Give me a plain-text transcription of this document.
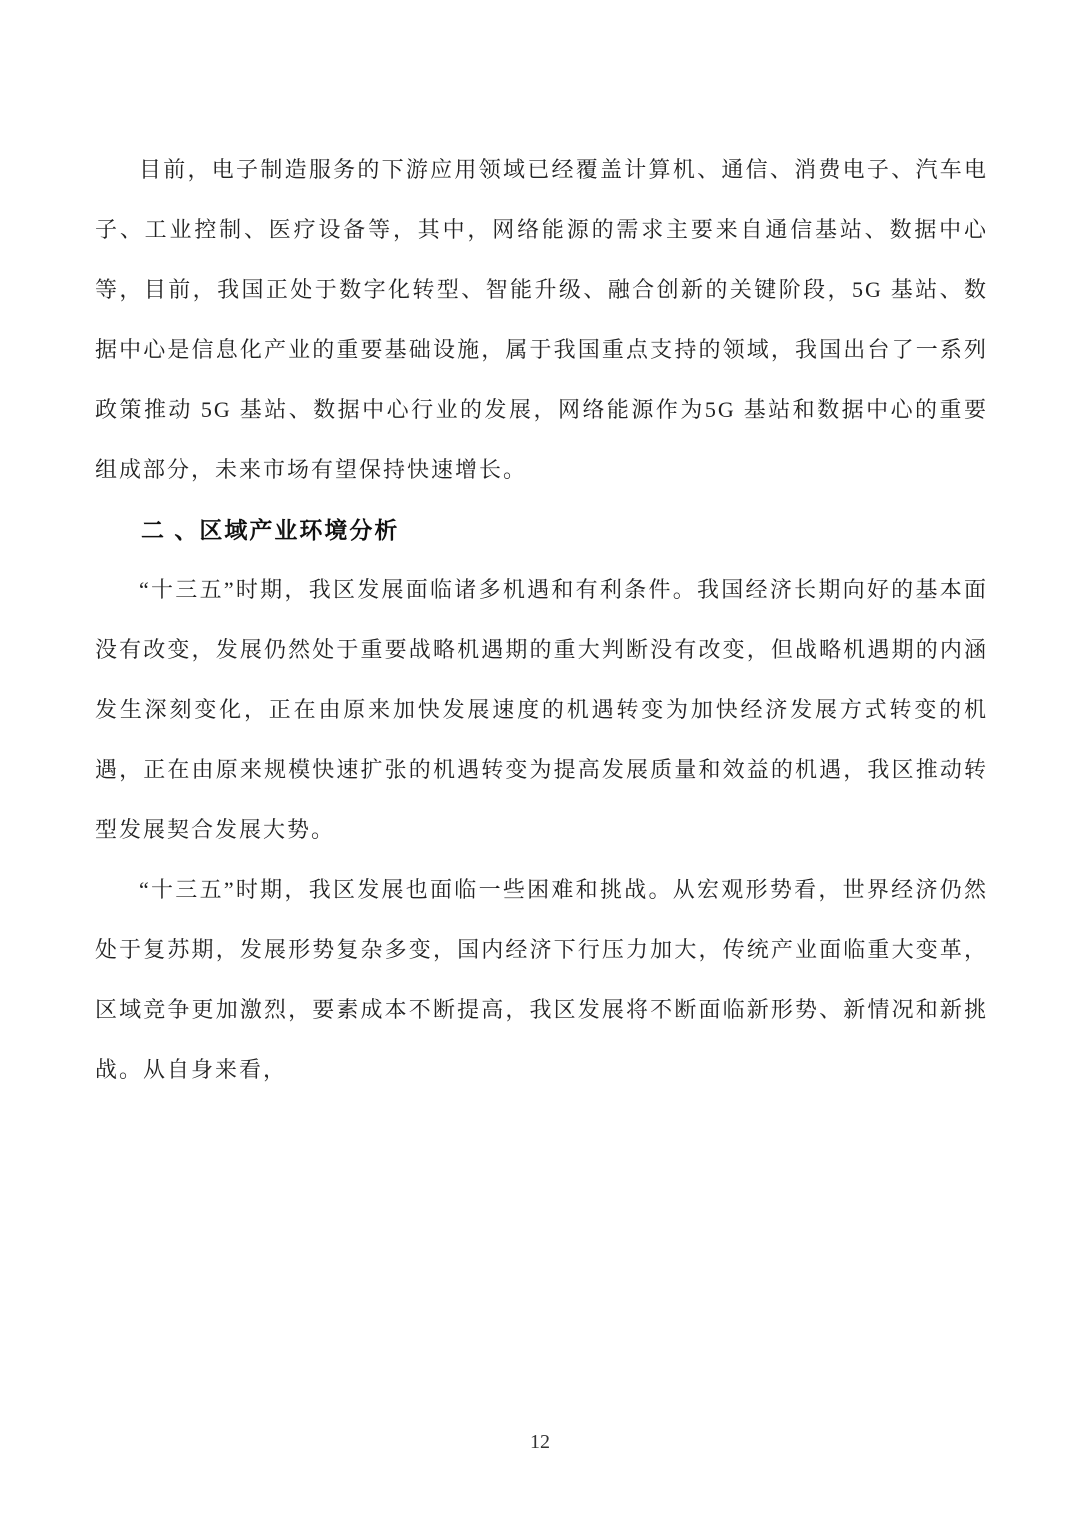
目前，电子制造服务的下游应用领域已经覆盖计算机、通信、消费电子、汽车电子、工业控制、医疗设备等，其中，网络能源的需求主要来自通信基站、数据中心等，目前，我国正处于数字化转型、智能升级、融合创新的关键阶段，5G 基站、数据中心是信息化产业的重要基础设施，属于我国重点支持的领域，我国出台了一系列政策推动 5G 基站、数据中心行业的发展，网络能源作为5G 基站和数据中心的重要组成部分，未来市场有望保持快速增长。

二 、区域产业环境分析

“十三五”时期，我区发展面临诸多机遇和有利条件。我国经济长期向好的基本面没有改变，发展仍然处于重要战略机遇期的重大判断没有改变，但战略机遇期的内涵发生深刻变化，正在由原来加快发展速度的机遇转变为加快经济发展方式转变的机遇，正在由原来规模快速扩张的机遇转变为提高发展质量和效益的机遇，我区推动转型发展契合发展大势。

“十三五”时期，我区发展也面临一些困难和挑战。从宏观形势看，世界经济仍然处于复苏期，发展形势复杂多变，国内经济下行压力加大，传统产业面临重大变革，区域竞争更加激烈，要素成本不断提高，我区发展将不断面临新形势、新情况和新挑战。从自身来看，

12
